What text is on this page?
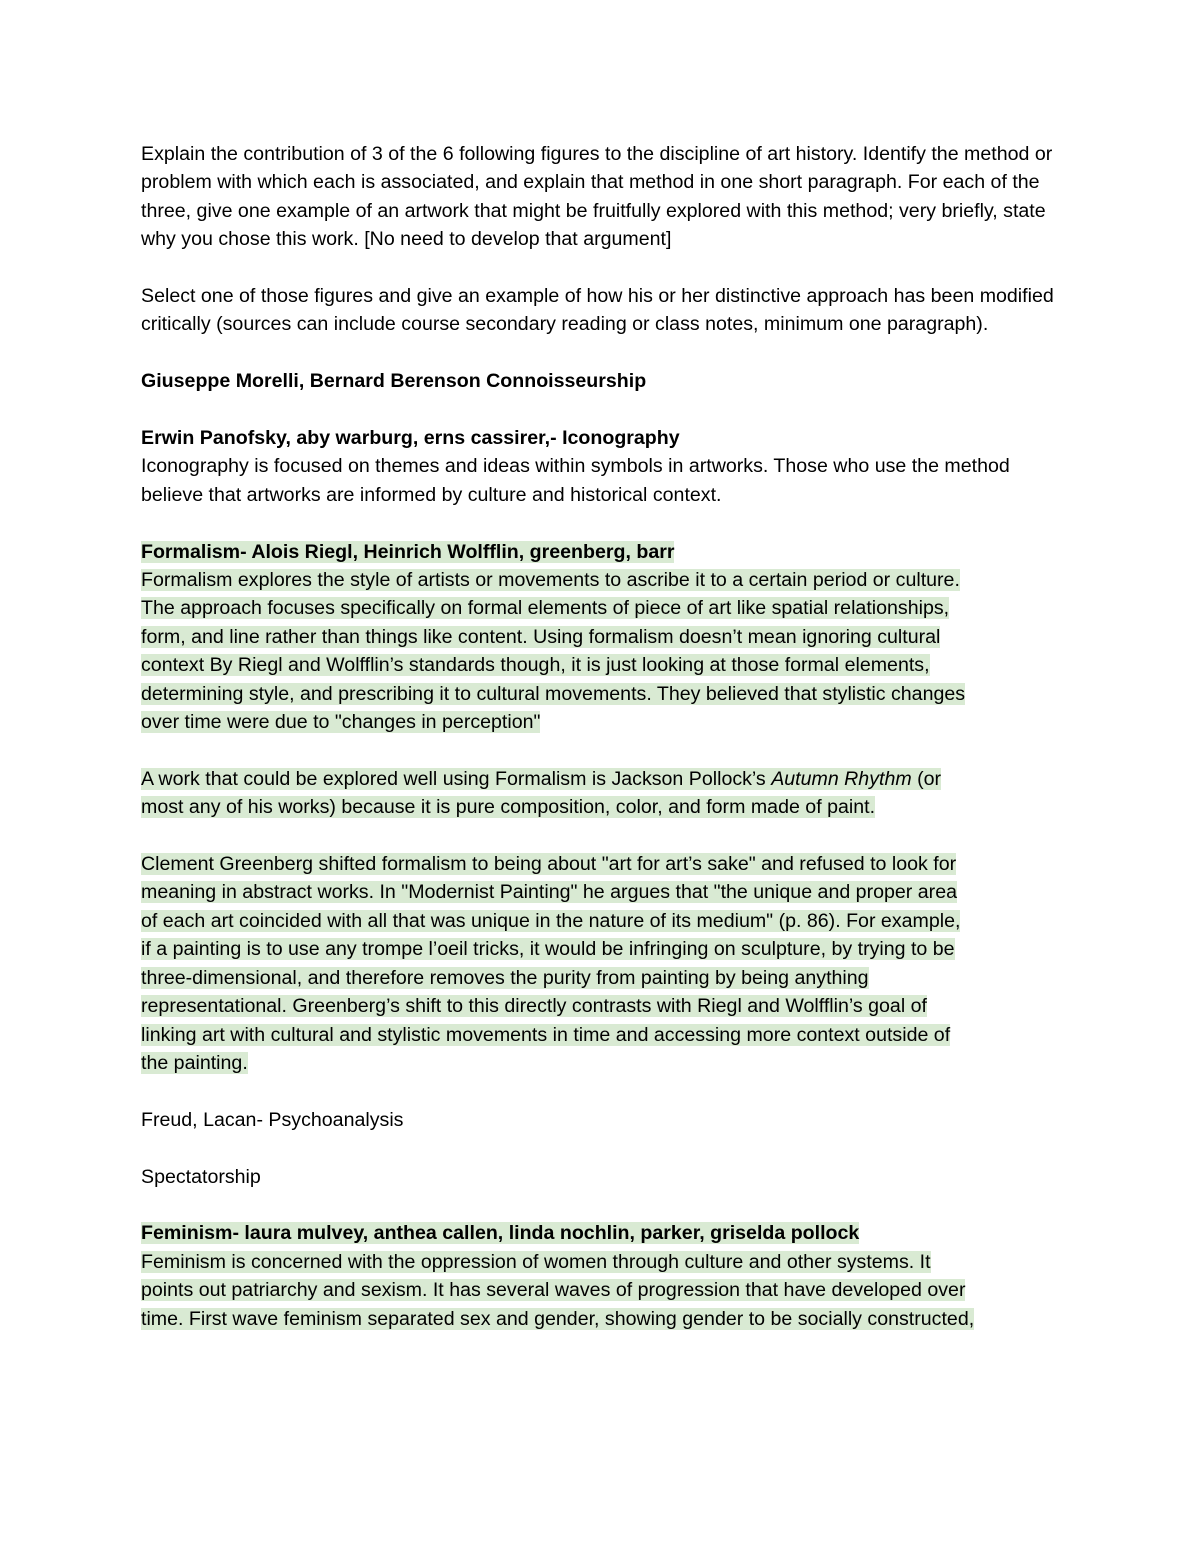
Explain the contribution of 3 of the 6 following figures to the discipline of art history. Identify the method or problem with which each is associated, and explain that method in one short paragraph. For each of the three, give one example of an artwork that might be fruitfully explored with this method; very briefly, state why you chose this work. [No need to develop that argument]

Select one of those figures and give an example of how his or her distinctive approach has been modified critically (sources can include course secondary reading or class notes, minimum one paragraph).

Giuseppe Morelli, Bernard Berenson Connoisseurship

Erwin Panofsky, aby warburg, erns cassirer,- Iconography

Iconography is focused on themes and ideas within symbols in artworks. Those who use the method believe that artworks are informed by culture and historical context.

Formalism- Alois Riegl, Heinrich Wolfflin, greenberg, barr

Formalism explores the style of artists or movements to ascribe it to a certain period or culture.

The approach focuses specifically on formal elements of piece of art like spatial relationships,

form, and line rather than things like content. Using formalism doesn’t mean ignoring cultural

context By Riegl and Wolfflin’s standards though, it is just looking at those formal elements,

determining style, and prescribing it to cultural movements. They believed that stylistic changes

over time were due to "changes in perception"

A work that could be explored well using Formalism is Jackson Pollock’s Autumn Rhythm (or

most any of his works) because it is pure composition, color, and form made of paint.

Clement Greenberg shifted formalism to being about "art for art’s sake" and refused to look for

meaning in abstract works. In "Modernist Painting" he argues that "the unique and proper area

of each art coincided with all that was unique in the nature of its medium" (p. 86). For example,

if a painting is to use any trompe l’oeil tricks, it would be infringing on sculpture, by trying to be

three-dimensional, and therefore removes the purity from painting by being anything

representational. Greenberg’s shift to this directly contrasts with Riegl and Wolfflin’s goal of

linking art with cultural and stylistic movements in time and accessing more context outside of

the painting.

Freud, Lacan- Psychoanalysis

Spectatorship

Feminism- laura mulvey, anthea callen, linda nochlin, parker, griselda pollock

Feminism is concerned with the oppression of women through culture and other systems. It

points out patriarchy and sexism. It has several waves of progression that have developed over

time. First wave feminism separated sex and gender, showing gender to be socially constructed,
